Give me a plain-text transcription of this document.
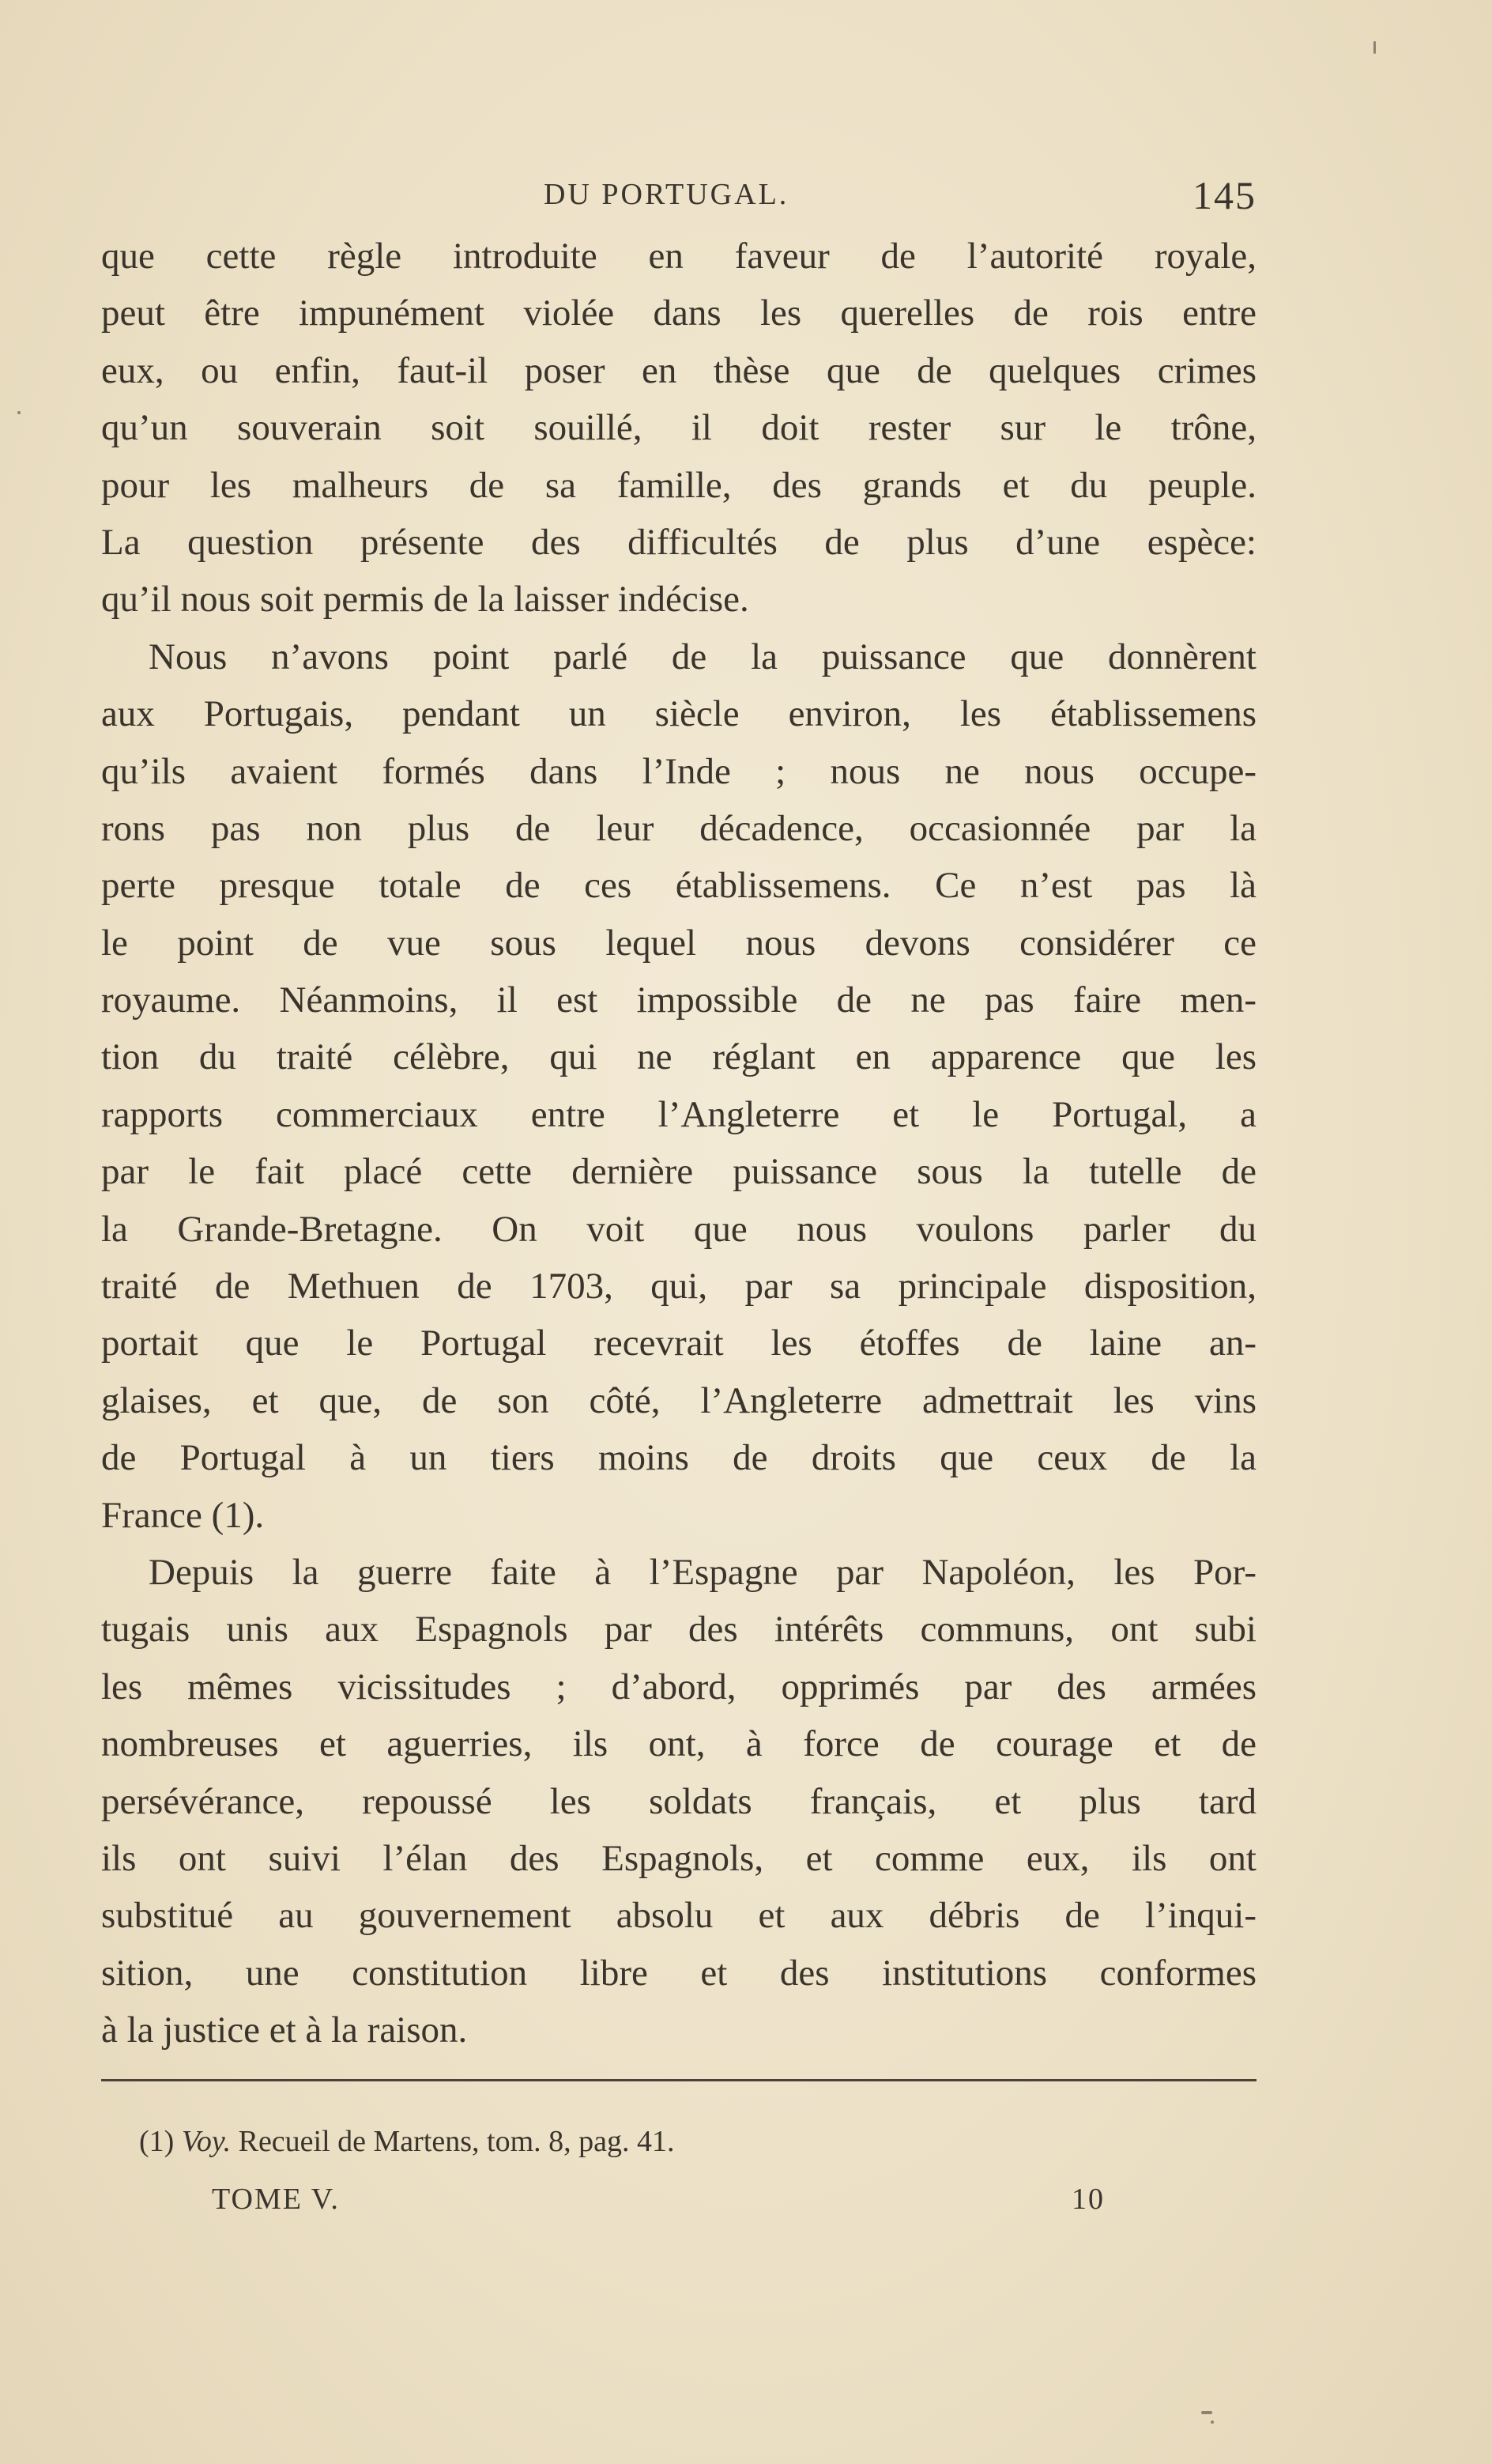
DU PORTUGAL.	145
que cette règle introduite en faveur de l’autorité royale,
peut être impunément violée dans les querelles de rois entre
eux, ou enfin, faut-il poser en thèse que de quelques crimes
qu’un souverain soit souillé, il doit rester sur le trône,
pour les malheurs de sa famille, des grands et du peuple.
La question présente des difficultés de plus d’une espèce:
qu’il nous soit permis de la laisser indécise.
Nous n’avons point parlé de la puissance que donnèrent
aux Portugais, pendant un siècle environ, les établissemens
qu’ils avaient formés dans l’Inde ; nous ne nous occupe-
rons pas non plus de leur décadence, occasionnée par la
perte presque totale de ces établissemens. Ce n’est pas là
le point de vue sous lequel nous devons considérer ce
royaume. Néanmoins, il est impossible de ne pas faire men-
tion du traité célèbre, qui ne réglant en apparence que les
rapports commerciaux entre l’Angleterre et le Portugal, a
par le fait placé cette dernière puissance sous la tutelle de
la Grande-Bretagne. On voit que nous voulons parler du
traité de Methuen de 1703, qui, par sa principale disposition,
portait que le Portugal recevrait les étoffes de laine an-
glaises, et que, de son côté, l’Angleterre admettrait les vins
de Portugal à un tiers moins de droits que ceux de la
France (1).
Depuis la guerre faite à l’Espagne par Napoléon, les Por-
tugais unis aux Espagnols par des intérêts communs, ont subi
les mêmes vicissitudes ; d’abord, opprimés par des armées
nombreuses et aguerries, ils ont, à force de courage et de
persévérance, repoussé les soldats français, et plus tard
ils ont suivi l’élan des Espagnols, et comme eux, ils ont
substitué au gouvernement absolu et aux débris de l’inqui-
sition, une constitution libre et des institutions conformes
à la justice et à la raison.
(1) Voy. Recueil de Martens, tom. 8, pag. 41.
TOME V.	10
